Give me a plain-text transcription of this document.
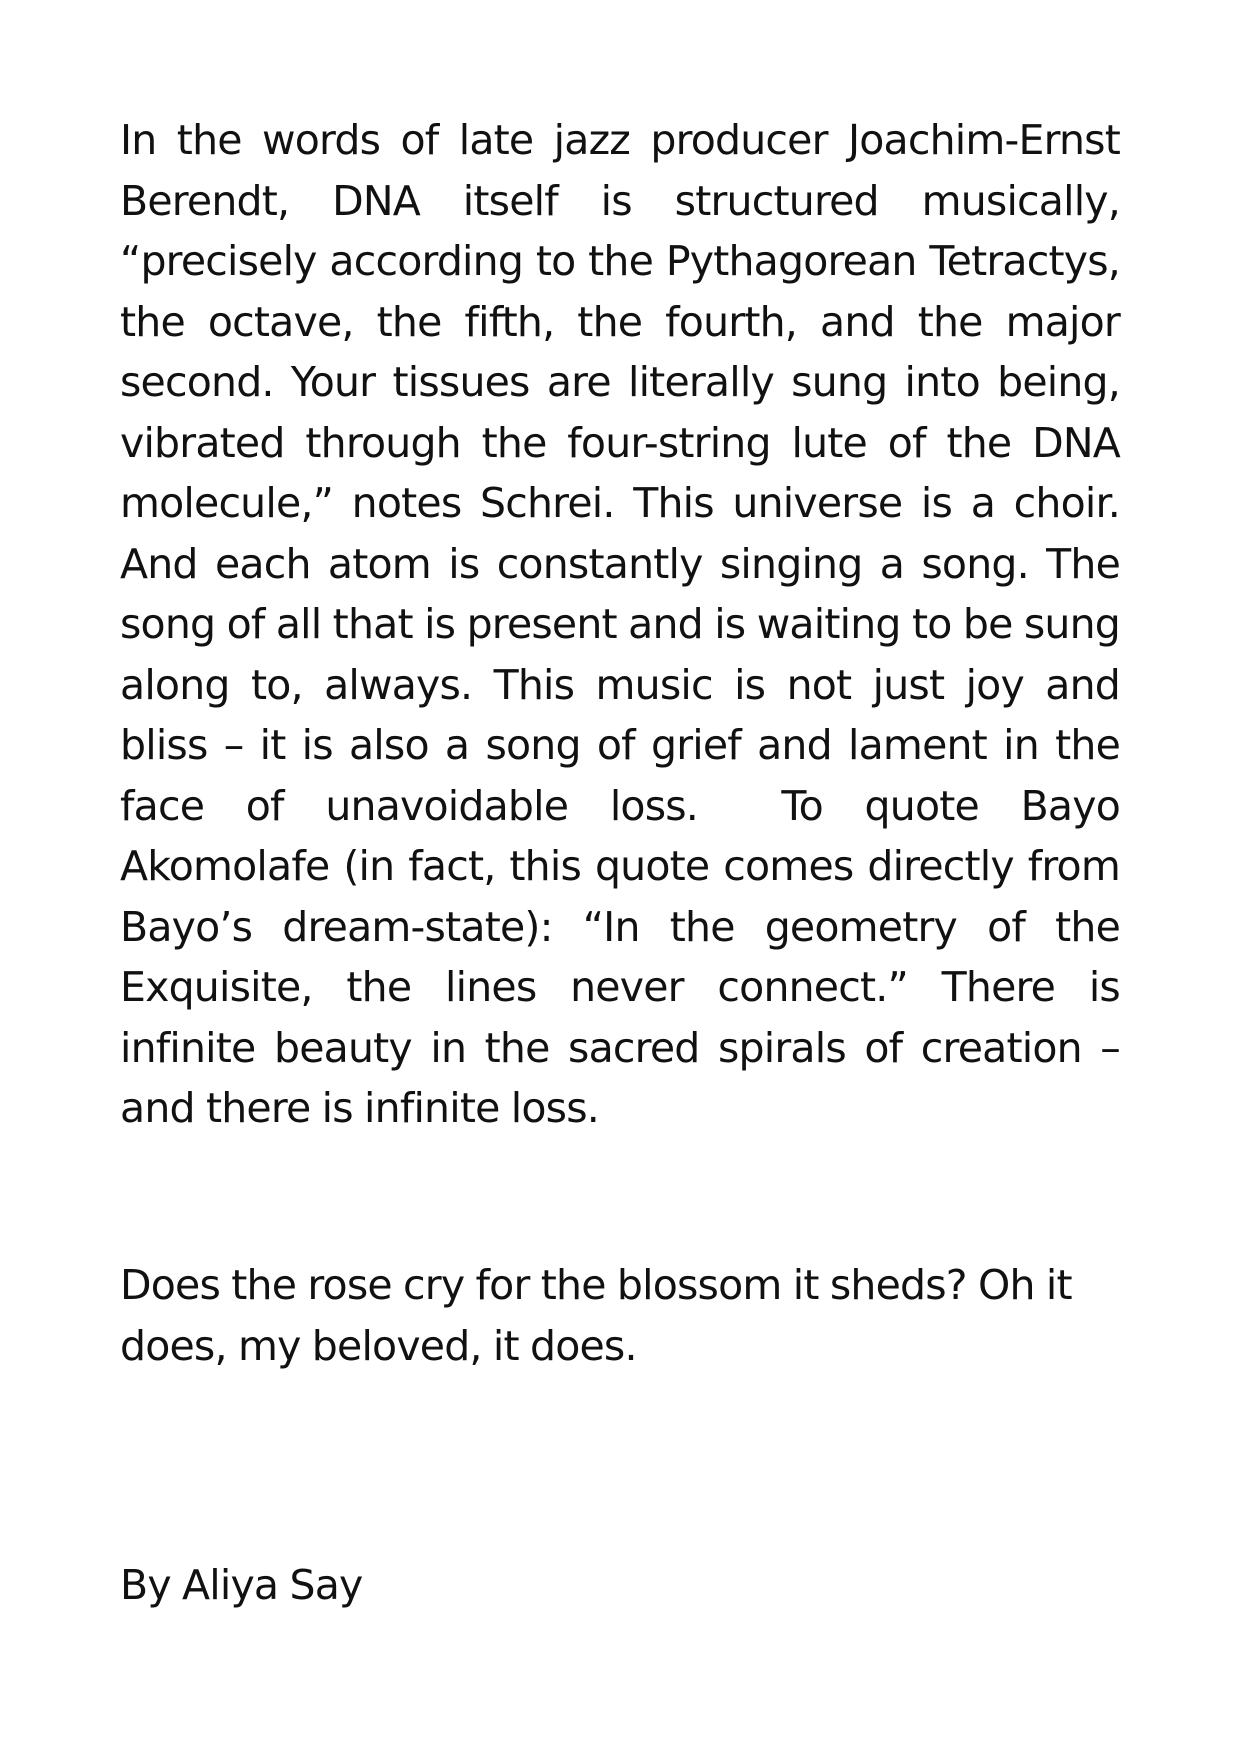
In the words of late jazz producer Joachim-Ernst Berendt, DNA itself is structured musically, “precisely according to the Pythagorean Tetractys, the octave, the fifth, the fourth, and the major second. Your tissues are literally sung into being, vibrated through the four-string lute of the DNA molecule,” notes Schrei. This universe is a choir. And each atom is constantly singing a song. The song of all that is present and is waiting to be sung along to, always. This music is not just joy and bliss – it is also a song of grief and lament in the face of unavoidable loss.  To quote Bayo Akomolafe (in fact, this quote comes directly from Bayo’s dream-state): “In the geometry of the Exquisite, the lines never connect.” There is infinite beauty in the sacred spirals of creation – and there is infinite loss.

Does the rose cry for the blossom it sheds? Oh it does, my beloved, it does.

By Aliya Say
